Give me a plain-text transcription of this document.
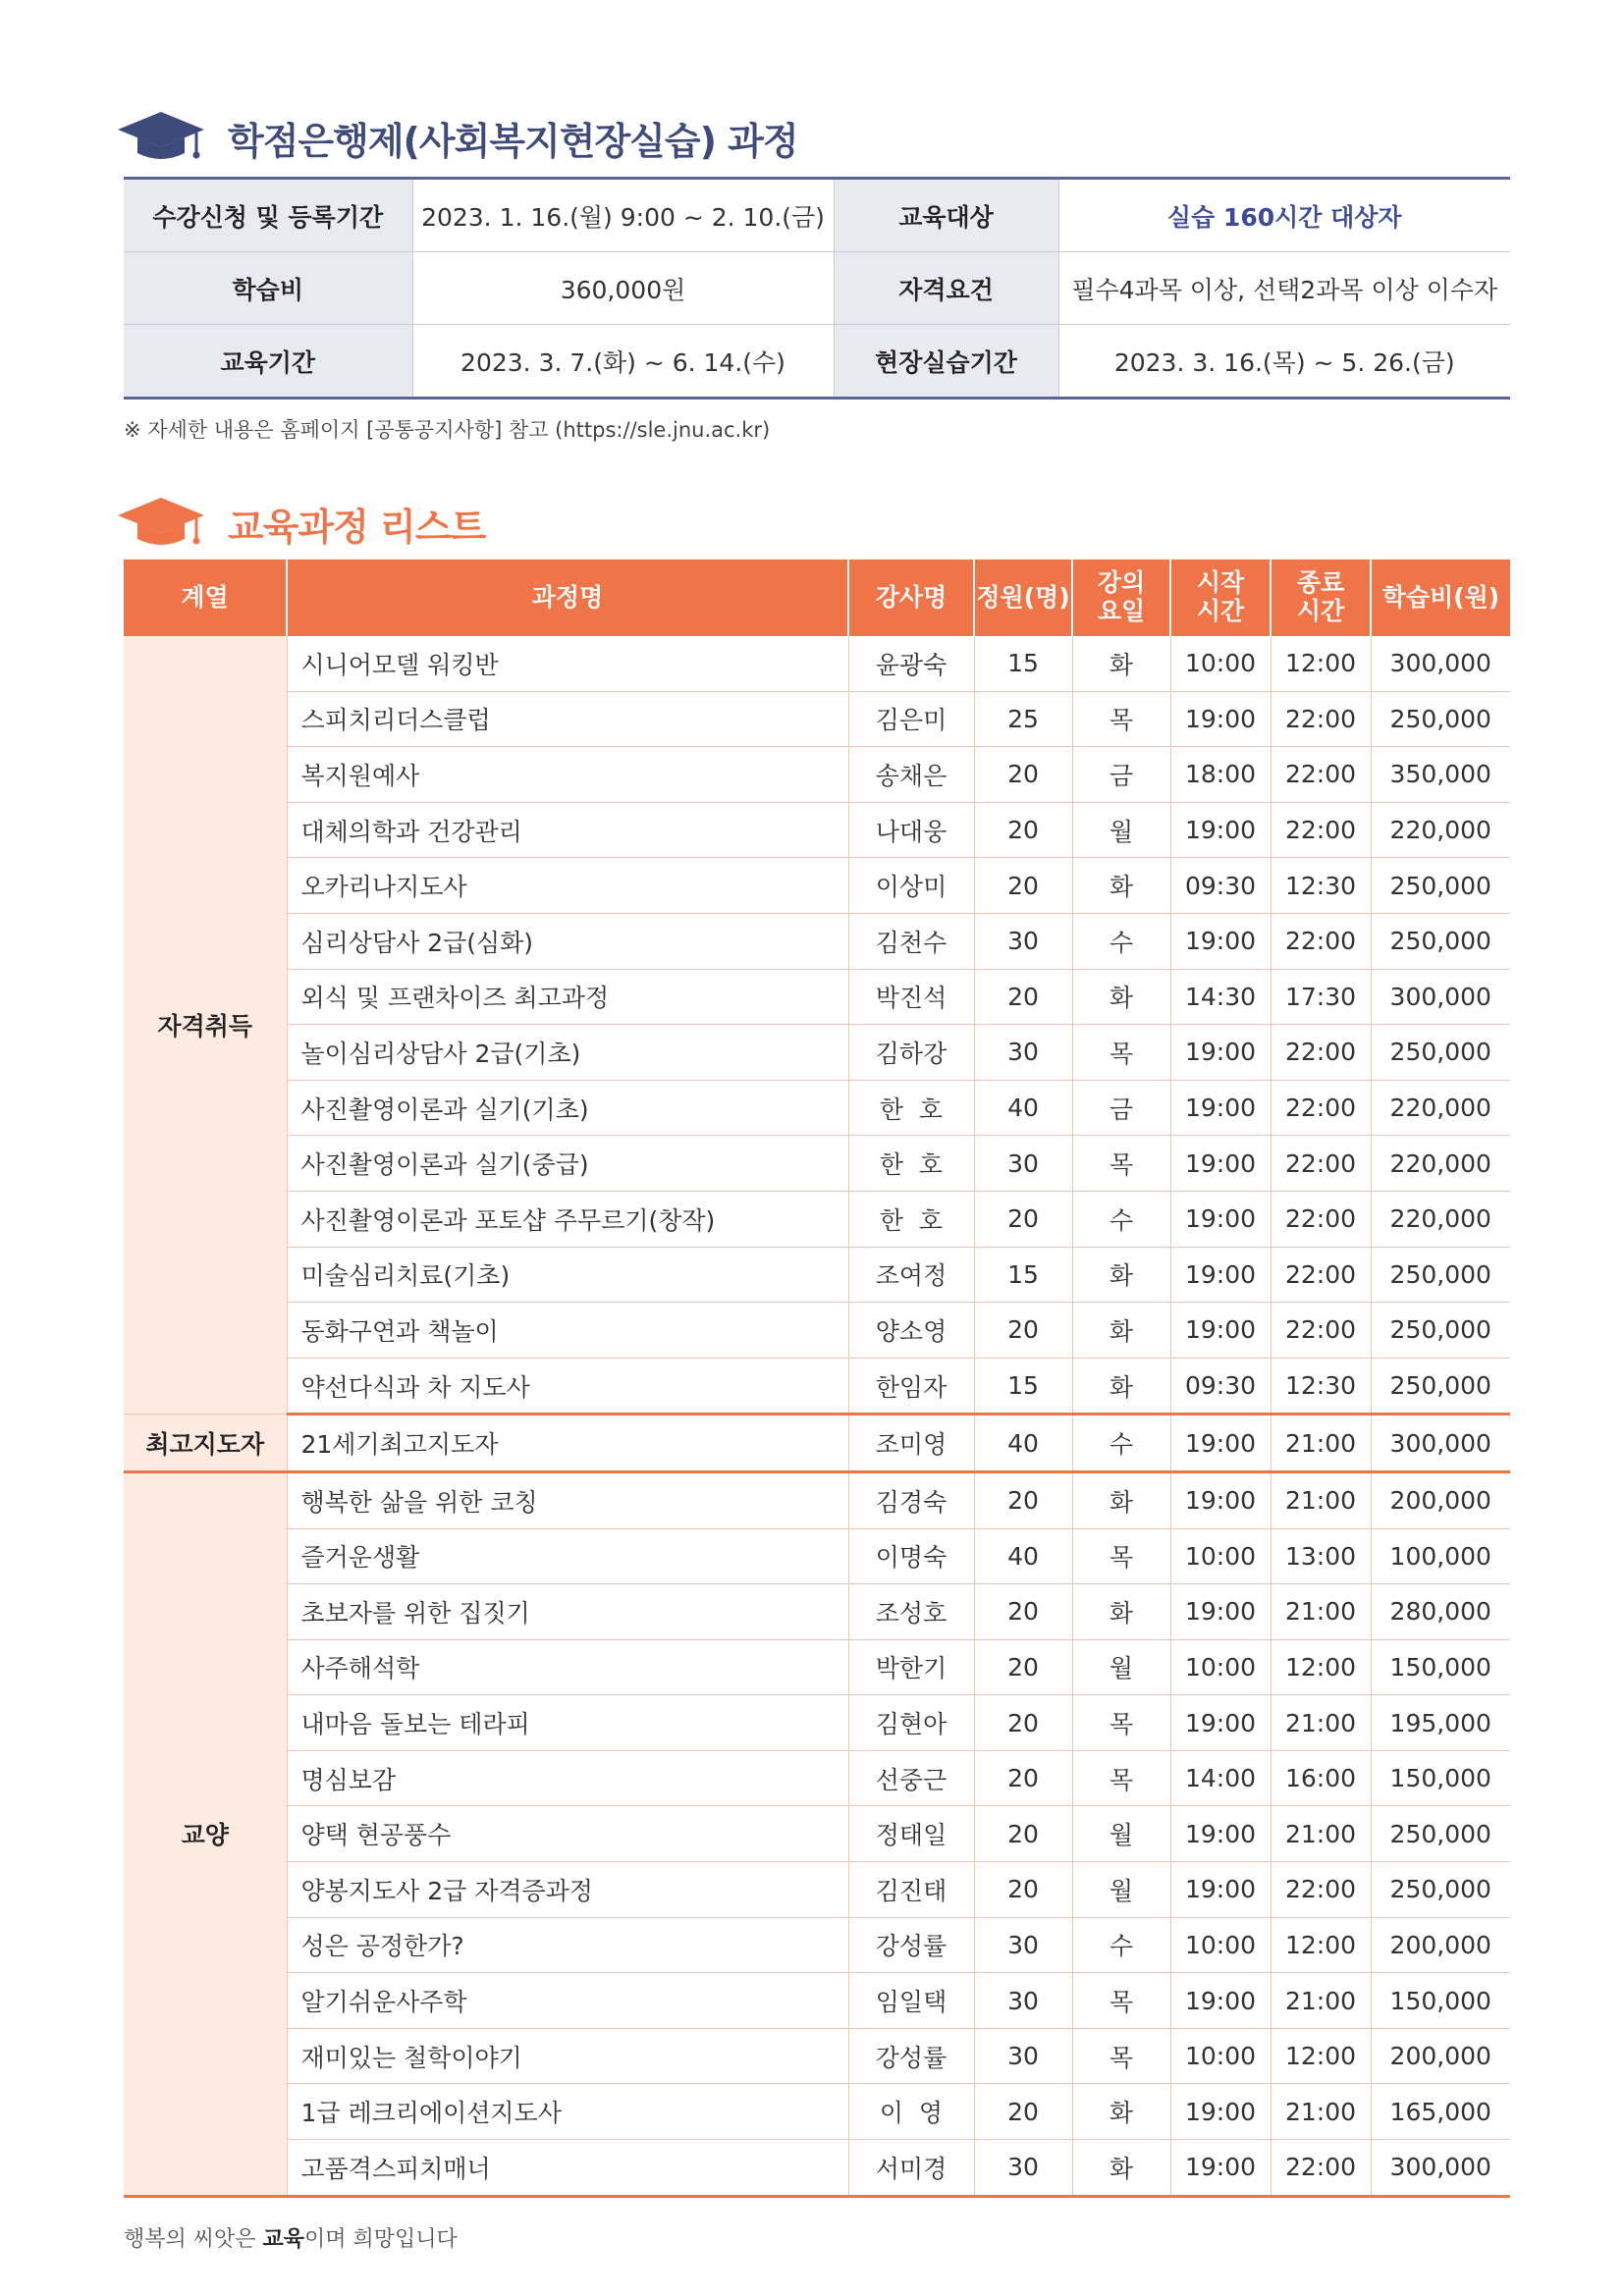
학점은행제(사회복지현장실습) 과정
수강신청 및 등록기간	2023. 1. 16.(월) 9:00 ~ 2. 10.(금)	교육대상	실습 160시간 대상자
학습비	360,000원	자격요건	필수4과목 이상, 선택2과목 이상 이수자
교육기간	2023. 3. 7.(화) ~ 6. 14.(수)	현장실습기간	2023. 3. 16.(목) ~ 5. 26.(금)
※ 자세한 내용은 홈페이지 [공통공지사항] 참고 (https://sle.jnu.ac.kr)
교육과정 리스트
계열	과정명	강사명	정원(명)	강의 요일	시작 시간	종료 시간	학습비(원)
자격취득	시니어모델 워킹반	윤광숙	15	화	10:00	12:00	300,000
	스피치리더스클럽	김은미	25	목	19:00	22:00	250,000
	복지원예사	송채은	20	금	18:00	22:00	350,000
	대체의학과 건강관리	나대웅	20	월	19:00	22:00	220,000
	오카리나지도사	이상미	20	화	09:30	12:30	250,000
	심리상담사 2급(심화)	김천수	30	수	19:00	22:00	250,000
	외식 및 프랜차이즈 최고과정	박진석	20	화	14:30	17:30	300,000
	놀이심리상담사 2급(기초)	김하강	30	목	19:00	22:00	250,000
	사진촬영이론과 실기(기초)	한  호	40	금	19:00	22:00	220,000
	사진촬영이론과 실기(중급)	한  호	30	목	19:00	22:00	220,000
	사진촬영이론과 포토샵 주무르기(창작)	한  호	20	수	19:00	22:00	220,000
	미술심리치료(기초)	조여정	15	화	19:00	22:00	250,000
	동화구연과 책놀이	양소영	20	화	19:00	22:00	250,000
	약선다식과 차 지도사	한임자	15	화	09:30	12:30	250,000
최고지도자	21세기최고지도자	조미영	40	수	19:00	21:00	300,000
교양	행복한 삶을 위한 코칭	김경숙	20	화	19:00	21:00	200,000
	즐거운생활	이명숙	40	목	10:00	13:00	100,000
	초보자를 위한 집짓기	조성호	20	화	19:00	21:00	280,000
	사주해석학	박한기	20	월	10:00	12:00	150,000
	내마음 돌보는 테라피	김현아	20	목	19:00	21:00	195,000
	명심보감	선중근	20	목	14:00	16:00	150,000
	양택 현공풍수	정태일	20	월	19:00	21:00	250,000
	양봉지도사 2급 자격증과정	김진태	20	월	19:00	22:00	250,000
	성은 공정한가?	강성률	30	수	10:00	12:00	200,000
	알기쉬운사주학	임일택	30	목	19:00	21:00	150,000
	재미있는 철학이야기	강성률	30	목	10:00	12:00	200,000
	1급 레크리에이션지도사	이  영	20	화	19:00	21:00	165,000
	고품격스피치매너	서미경	30	화	19:00	22:00	300,000
행복의 씨앗은 교육이며 희망입니다
